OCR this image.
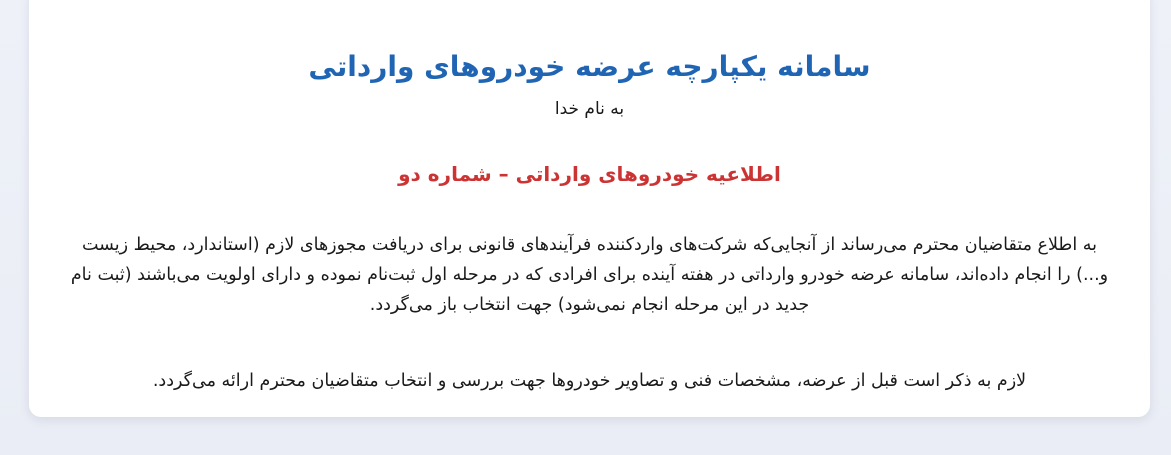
سامانه یکپارچه عرضه خودروهای وارداتی
به نام خدا
اطلاعیه خودروهای وارداتی – شماره دو

به اطلاع متقاضیان محترم می‌رساند از آنجایی‌که شرکت‌های واردکننده فرآیندهای قانونی برای دریافت مجوزهای لازم (استاندارد، محیط زیست و...) را انجام داده‌اند، سامانه عرضه خودرو وارداتی در هفته آینده برای افرادی که در مرحله اول ثبت‌نام نموده و دارای اولویت می‌باشند (ثبت نام جدید در این مرحله انجام نمی‌شود) جهت انتخاب باز می‌گردد.

لازم به ذکر است قبل از عرضه، مشخصات فنی و تصاویر خودروها جهت بررسی و انتخاب متقاضیان محترم ارائه می‌گردد.
